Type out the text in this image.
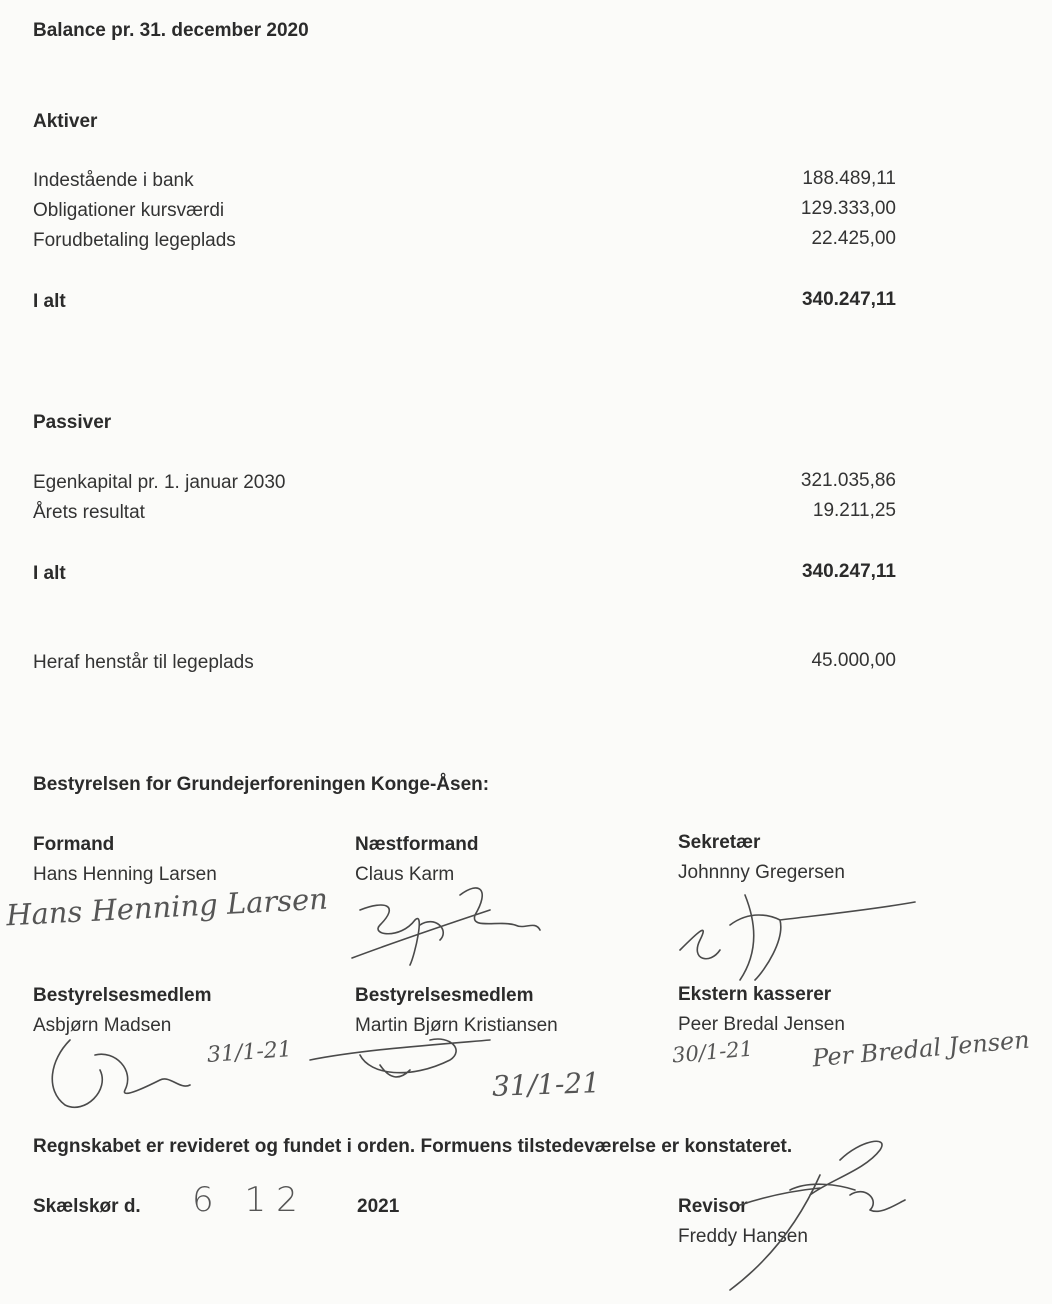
Balance pr. 31. december 2020
Aktiver
Indestående i bank	188.489,11
Obligationer kursværdi	129.333,00
Forudbetaling legeplads	22.425,00
I alt	340.247,11
Passiver
Egenkapital pr. 1. januar 2030	321.035,86
Årets resultat	19.211,25
I alt	340.247,11
Heraf henstår til legeplads	45.000,00
Bestyrelsen for Grundejerforeningen Konge-Åsen:
Formand
Hans Henning Larsen
Næstformand
Claus Karm
Sekretær
Johnnny Gregersen
Bestyrelsesmedlem
Asbjørn Madsen
Bestyrelsesmedlem
Martin Bjørn Kristiansen
Ekstern kasserer
Peer Bredal Jensen
Hans Henning Larsen
31/1-21
31/1-21
30/1-21 Per Bredal Jensen
Regnskabet er revideret og fundet i orden. Formuens tilstedeværelse er konstateret.
Skælskør d. 6 12	2021	Revisor
Freddy Hansen
